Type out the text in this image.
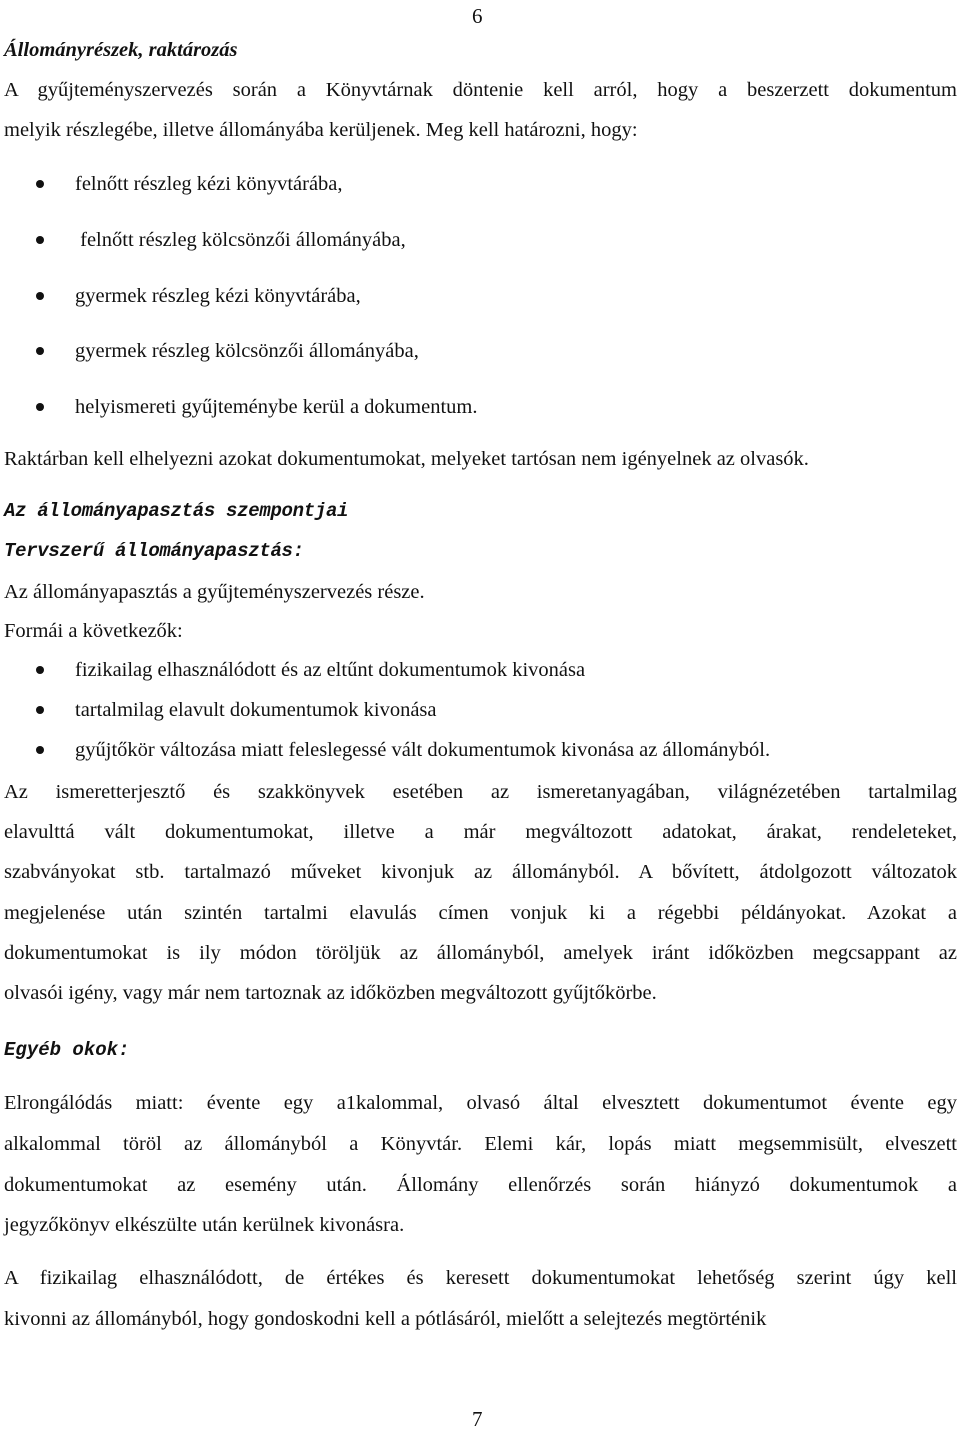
6
Állományrészek, raktározás
A gyűjteményszervezés során a Könyvtárnak döntenie kell arról, hogy a beszerzett dokumentum
melyik részlegébe, illetve állományába kerüljenek. Meg kell határozni, hogy:
felnőtt részleg kézi könyvtárába,
felnőtt részleg kölcsönzői állományába,
gyermek részleg kézi könyvtárába,
gyermek részleg kölcsönzői állományába,
helyismereti gyűjteménybe kerül a dokumentum.
Raktárban kell elhelyezni azokat dokumentumokat, melyeket tartósan nem igényelnek az olvasók.
Az állományapasztás szempontjai
Tervszerű állományapasztás:
Az állományapasztás a gyűjteményszervezés része.
Formái a következők:
fizikailag elhasználódott és az eltűnt dokumentumok kivonása
tartalmilag elavult dokumentumok kivonása
gyűjtőkör változása miatt feleslegessé vált dokumentumok kivonása az állományból.
Az ismeretterjesztő és szakkönyvek esetében az ismeretanyagában, világnézetében tartalmilag
elavulttá vált dokumentumokat, illetve a már megváltozott adatokat, árakat, rendeleteket,
szabványokat stb. tartalmazó műveket kivonjuk az állományból. A bővített, átdolgozott változatok
megjelenése után szintén tartalmi elavulás címen vonjuk ki a régebbi példányokat. Azokat a
dokumentumokat is ily módon töröljük az állományból, amelyek iránt időközben megcsappant az
olvasói igény, vagy már nem tartoznak az időközben megváltozott gyűjtőkörbe.
Egyéb okok:
Elrongálódás miatt: évente egy a1kalommal, olvasó által elvesztett dokumentumot évente egy
alkalommal töröl az állományból a Könyvtár. Elemi kár, lopás miatt megsemmisült, elveszett
dokumentumokat az esemény után. Állomány ellenőrzés során hiányzó dokumentumok a
jegyzőkönyv elkészülte után kerülnek kivonásra.
A fizikailag elhasználódott, de értékes és keresett dokumentumokat lehetőség szerint úgy kell
kivonni az állományból, hogy gondoskodni kell a pótlásáról, mielőtt a selejtezés megtörténik
7
